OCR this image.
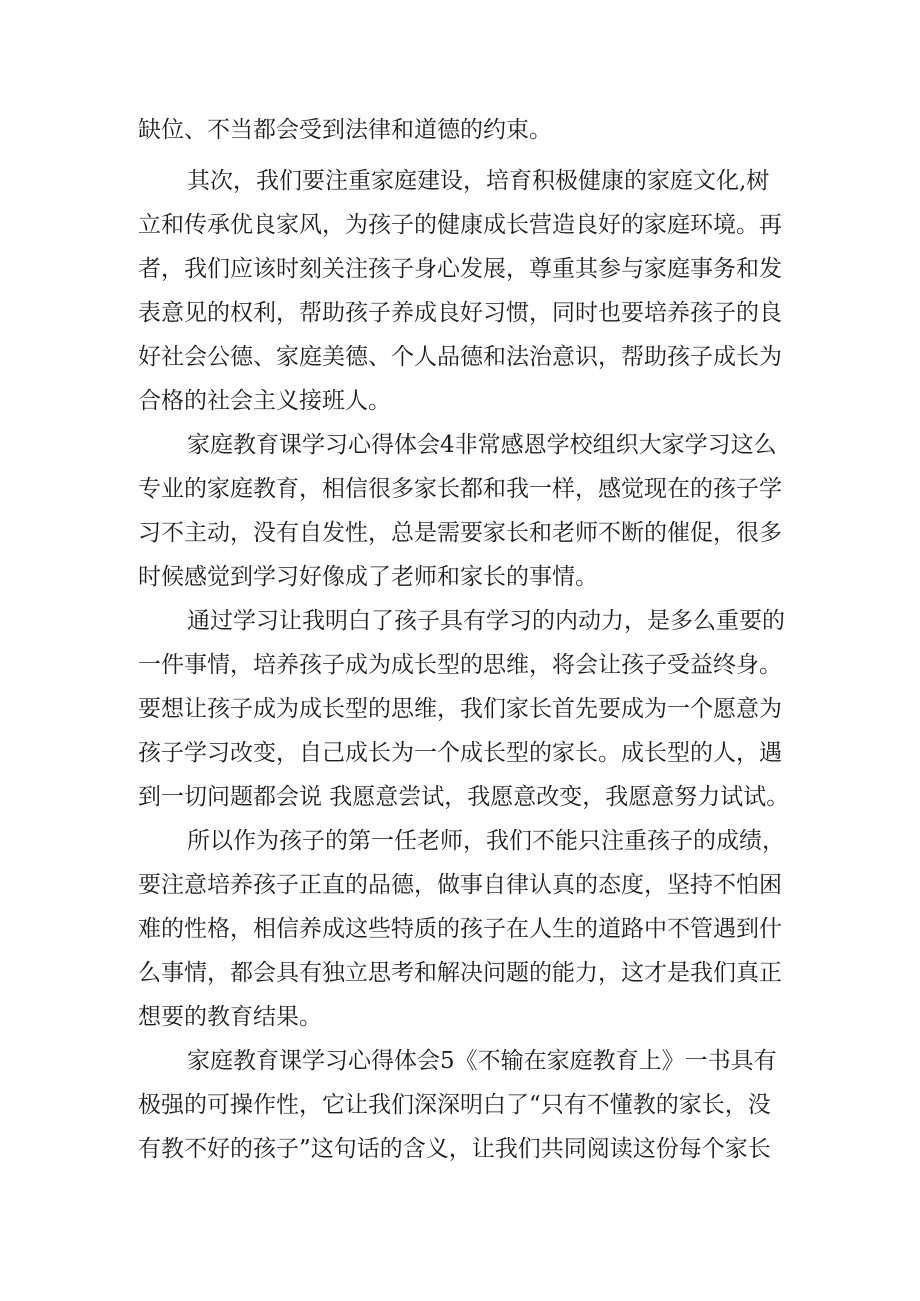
缺位、不当都会受到法律和道德的约束。
其次，我们要注重家庭建设，培育积极健康的家庭文化,树
立和传承优良家风，为孩子的健康成长营造良好的家庭环境。再
者，我们应该时刻关注孩子身心发展，尊重其参与家庭事务和发
表意见的权利，帮助孩子养成良好习惯，同时也要培养孩子的良
好社会公德、家庭美德、个人品德和法治意识，帮助孩子成长为
合格的社会主义接班人。
家庭教育课学习心得体会4非常感恩学校组织大家学习这么
专业的家庭教育，相信很多家长都和我一样，感觉现在的孩子学
习不主动，没有自发性，总是需要家长和老师不断的催促，很多
时候感觉到学习好像成了老师和家长的事情。
通过学习让我明白了孩子具有学习的内动力，是多么重要的
一件事情，培养孩子成为成长型的思维，将会让孩子受益终身。
要想让孩子成为成长型的思维，我们家长首先要成为一个愿意为
孩子学习改变，自己成长为一个成长型的家长。成长型的人，遇
到一切问题都会说 我愿意尝试，我愿意改变，我愿意努力试试。
所以作为孩子的第一任老师，我们不能只注重孩子的成绩，
要注意培养孩子正直的品德，做事自律认真的态度，坚持不怕困
难的性格，相信养成这些特质的孩子在人生的道路中不管遇到什
么事情，都会具有独立思考和解决问题的能力，这才是我们真正
想要的教育结果。
家庭教育课学习心得体会5《不输在家庭教育上》一书具有
极强的可操作性，它让我们深深明白了“只有不懂教的家长，没
有教不好的孩子”这句话的含义，让我们共同阅读这份每个家长
